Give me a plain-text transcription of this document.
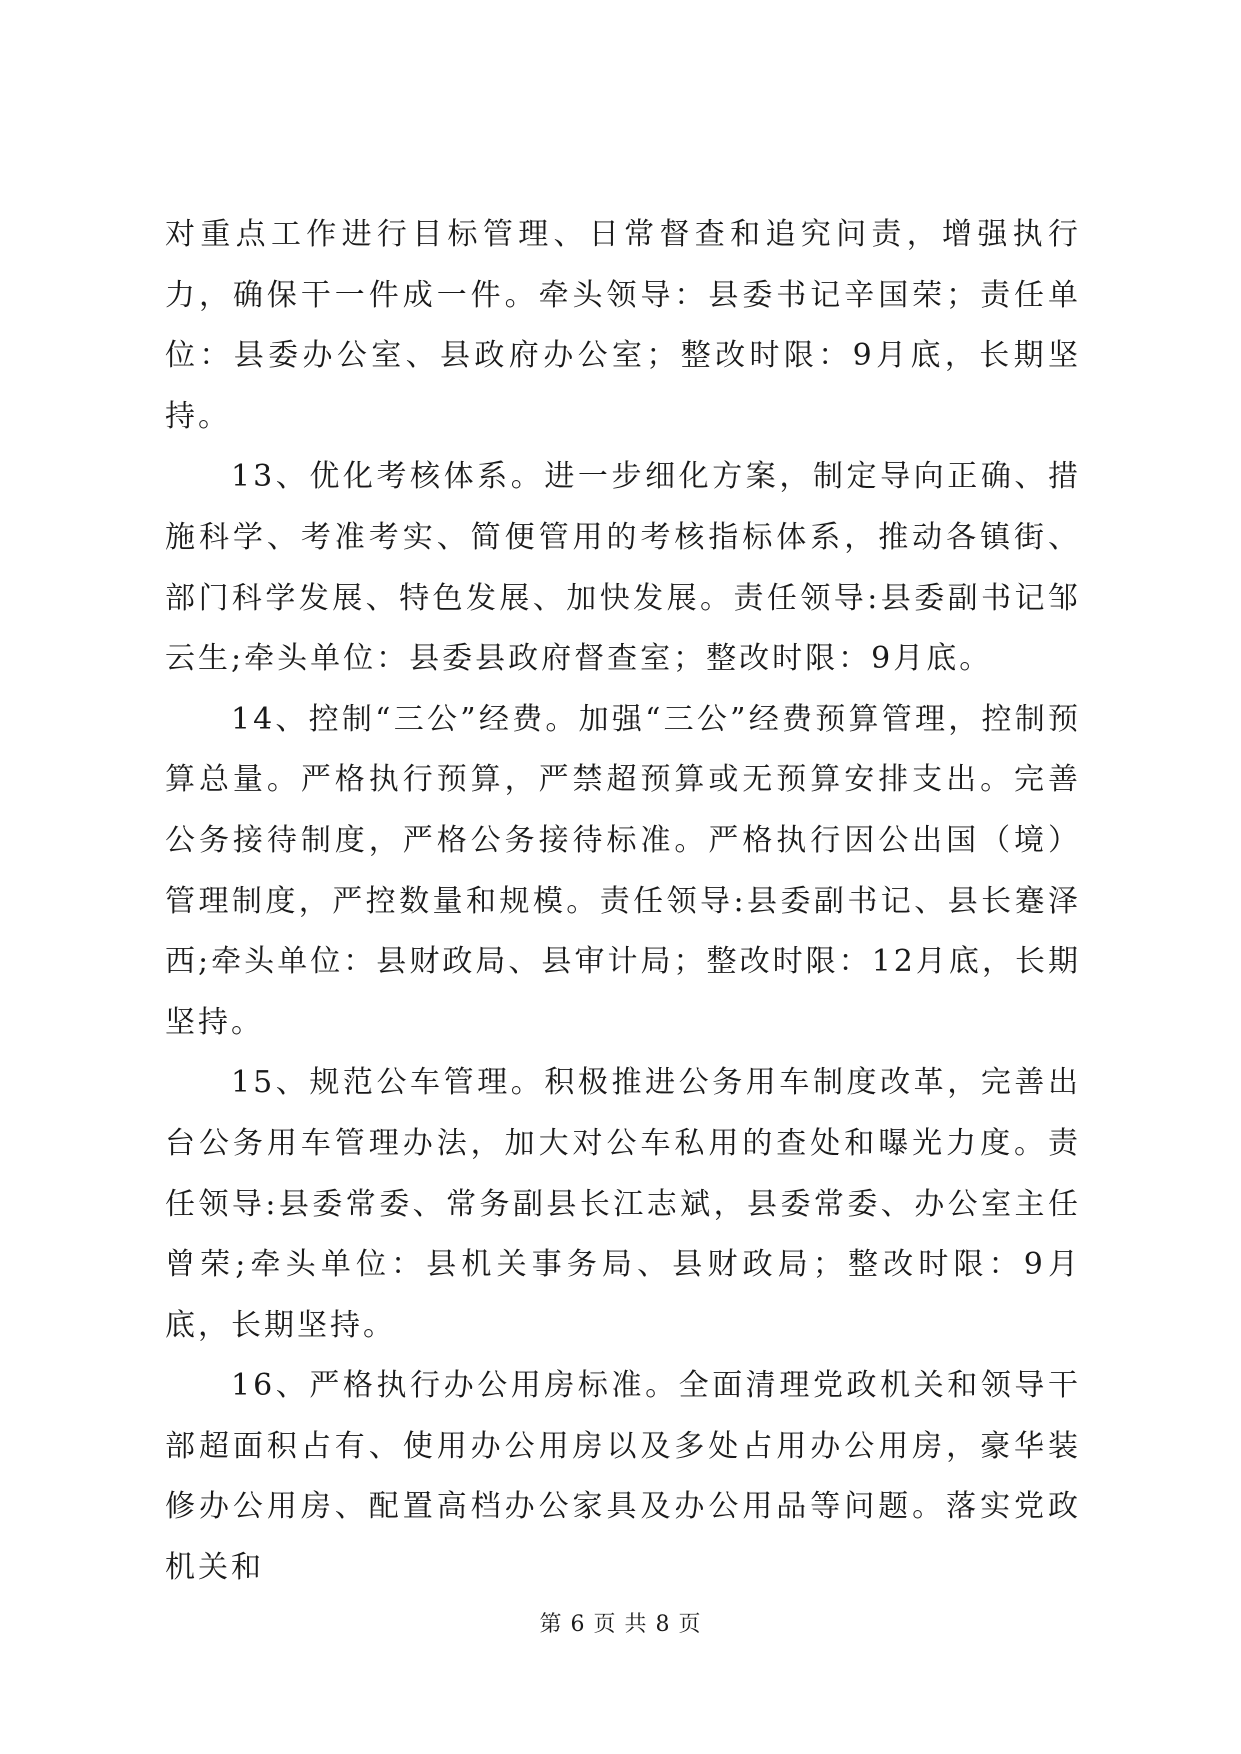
对重点工作进行目标管理、日常督查和追究问责，增强执行力，确保干一件成一件。牵头领导：县委书记辛国荣；责任单位：县委办公室、县政府办公室；整改时限：9月底，长期坚持。

13、优化考核体系。进一步细化方案，制定导向正确、措施科学、考准考实、简便管用的考核指标体系，推动各镇街、部门科学发展、特色发展、加快发展。责任领导:县委副书记邹云生;牵头单位：县委县政府督查室；整改时限：9月底。

14、控制“三公”经费。加强“三公”经费预算管理，控制预算总量。严格执行预算，严禁超预算或无预算安排支出。完善公务接待制度，严格公务接待标准。严格执行因公出国（境）管理制度，严控数量和规模。责任领导:县委副书记、县长蹇泽西;牵头单位：县财政局、县审计局；整改时限：12月底，长期坚持。

15、规范公车管理。积极推进公务用车制度改革，完善出台公务用车管理办法，加大对公车私用的查处和曝光力度。责任领导:县委常委、常务副县长江志斌，县委常委、办公室主任曾荣;牵头单位：县机关事务局、县财政局；整改时限：9月底，长期坚持。

16、严格执行办公用房标准。全面清理党政机关和领导干部超面积占有、使用办公用房以及多处占用办公用房，豪华装修办公用房、配置高档办公家具及办公用品等问题。落实党政机关和

第 6 页 共 8 页
